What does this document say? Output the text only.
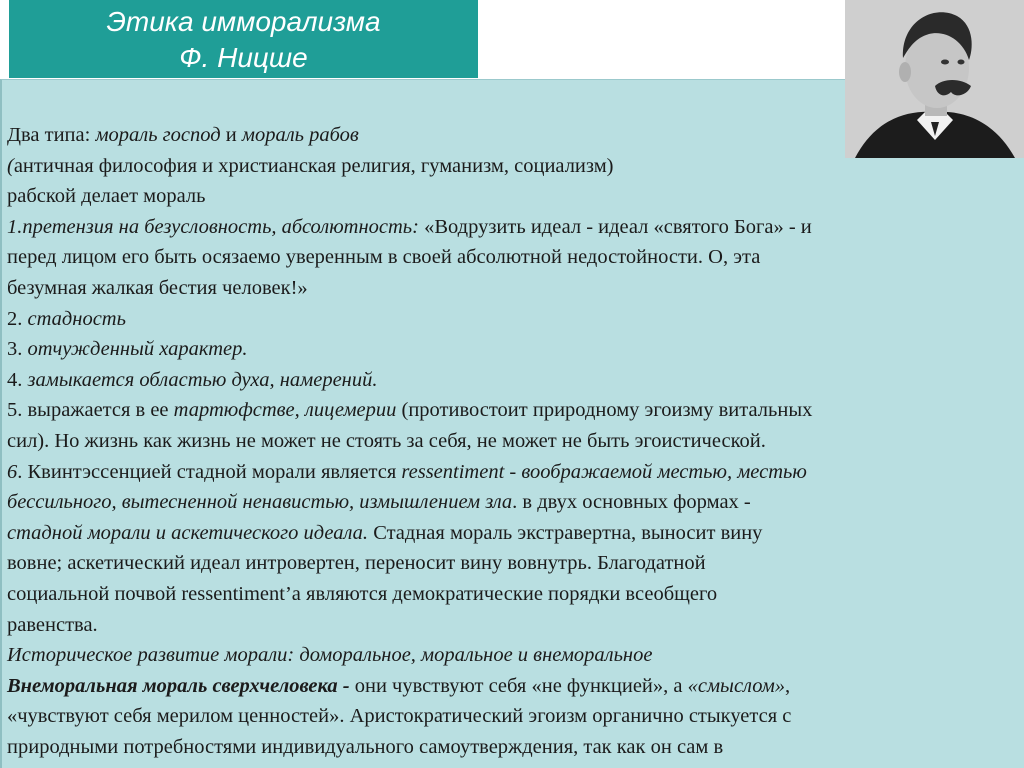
Этика имморализма
Ф. Ницше

Два типа: мораль господ и мораль рабов

(античная философия и христианская религия, гуманизм, социализм)

рабской делает мораль

1.претензия на безусловность, абсолютность: «Водрузить идеал - идеал «святого Бога» - и

перед лицом его быть осязаемо уверенным в своей абсолютной недостойности. О, эта

безумная жалкая бестия человек!»

2. стадность

3. отчужденный характер.

4. замыкается областью духа, намерений.

5. выражается в ее тартюфстве, лицемерии (противостоит природному эгоизму витальных

сил). Но жизнь как жизнь не может не стоять за себя, не может не быть эгоистической.

6. Квинтэссенцией стадной морали является ressentiment - воображаемой местью, местью

бессильного, вытесненной ненавистью, измышлением зла. в двух основных формах -

стадной морали и аскетического идеала. Стадная мораль экстравертна, выносит вину

вовне; аскетический идеал интровертен, переносит вину вовнутрь. Благодатной

социальной почвой ressentiment’а являются демократические порядки всеобщего

равенства.

Историческое развитие морали: доморальное, моральное и внеморальное

Внеморальная мораль сверхчеловека - они чувствуют себя «не функцией», а «смыслом»,

«чувствуют себя мерилом ценностей». Аристократический эгоизм органично стыкуется с

природными потребностями индивидуального самоутверждения, так как он сам в
